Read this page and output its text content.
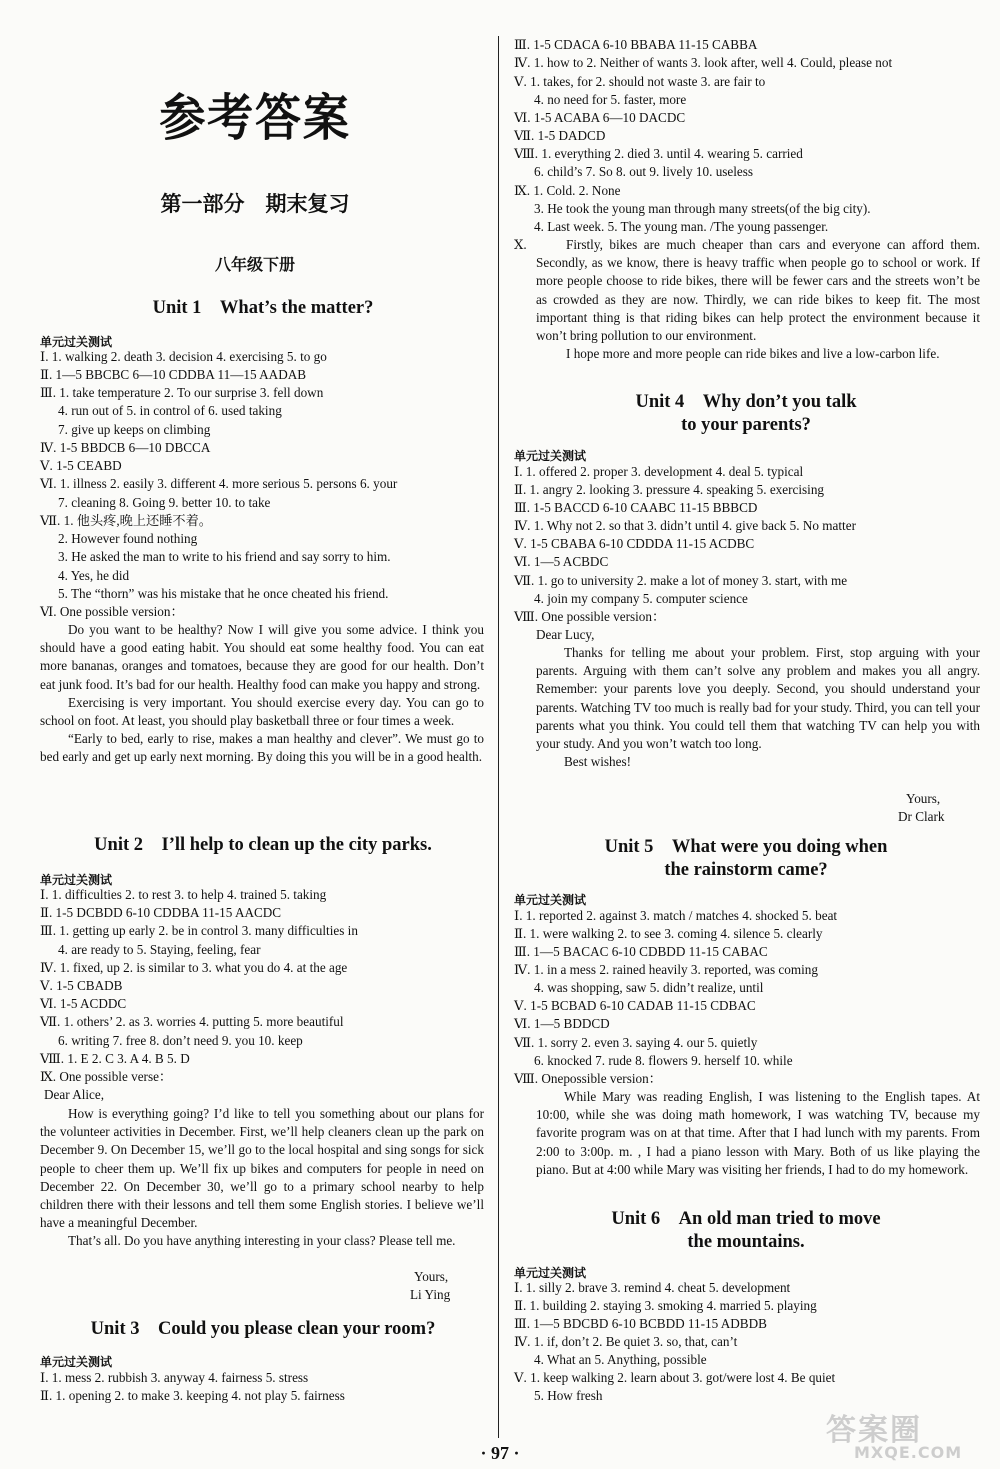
参考答案
第一部分　期末复习
八年级下册
Unit 1　What’s the matter?
单元过关测试
Ⅰ. 1. walking 2. death 3. decision 4. exercising 5. to go
Ⅱ. 1—5 BBCBC 6—10 CDDBA 11—15 AADAB
Ⅲ. 1. take temperature 2. To our surprise 3. fell down
4. run out of 5. in control of 6. used taking
7. give up keeps on climbing
Ⅳ. 1-5 BBDCB 6—10 DBCCA
Ⅴ. 1-5 CEABD
Ⅵ. 1. illness 2. easily 3. different 4. more serious 5. persons 6. your
7. cleaning 8. Going 9. better 10. to take
Ⅶ. 1. 他头疼,晚上还睡不着。
2. However found nothing
3. He asked the man to write to his friend and say sorry to him.
4. Yes, he did
5. The “thorn” was his mistake that he once cheated his friend.
Ⅵ. One possible version：
Do you want to be healthy? Now I will give you some advice. I think you should have a good eating habit. You should eat some healthy food. You can eat more bananas, oranges and tomatoes, because they are good for our health. Don’t eat junk food. It’s bad for our health. Healthy food can make you happy and strong.
Exercising is very important. You should exercise every day. You can go to school on foot. At least, you should play basketball three or four times a week.
“Early to bed, early to rise, makes a man healthy and clever”. We must go to bed early and get up early next morning. By doing this you will be in a good health.
Unit 2　I’ll help to clean up the city parks.
单元过关测试
Ⅰ. 1. difficulties 2. to rest 3. to help 4. trained 5. taking
Ⅱ. 1-5 DCBDD 6-10 CDDBA 11-15 AACDC
Ⅲ. 1. getting up early 2. be in control 3. many difficulties in
4. are ready to 5. Staying, feeling, fear
Ⅳ. 1. fixed, up 2. is similar to 3. what you do 4. at the age
Ⅴ. 1-5 CBADB
Ⅵ. 1-5 ACDDC
Ⅶ. 1. others’ 2. as 3. worries 4. putting 5. more beautiful
6. writing 7. free 8. don’t need 9. you 10. keep
Ⅷ. 1. E 2. C 3. A 4. B 5. D
Ⅸ. One possible verse：
Dear Alice,
How is everything going? I’d like to tell you something about our plans for the volunteer activities in December. First, we’ll help cleaners clean up the park on December 9. On December 15, we’ll go to the local hospital and sing songs for sick people to cheer them up. We’ll fix up bikes and computers for people in need on December 22. On December 30, we’ll go to a primary school nearby to help children there with their lessons and tell them some English stories. I believe we’ll have a meaningful December.
That’s all. Do you have anything interesting in your class? Please tell me.
Yours,
Li Ying
Unit 3　Could you please clean your room?
单元过关测试
Ⅰ. 1. mess 2. rubbish 3. anyway 4. fairness 5. stress
Ⅱ. 1. opening 2. to make 3. keeping 4. not play 5. fairness
Ⅲ. 1-5 CDACA 6-10 BBABA 11-15 CABBA
Ⅳ. 1. how to 2. Neither of wants 3. look after, well 4. Could, please not
Ⅴ. 1. takes, for 2. should not waste 3. are fair to
4. no need for 5. faster, more
Ⅵ. 1-5 ACABA 6—10 DACDC
Ⅶ. 1-5 DADCD
Ⅷ. 1. everything 2. died 3. until 4. wearing 5. carried
6. child’s 7. So 8. out 9. lively 10. useless
Ⅸ. 1. Cold. 2. None
3. He took the young man through many streets(of the big city).
4. Last week. 5. The young man. /The young passenger.
Ⅹ.	Firstly, bikes are much cheaper than cars and everyone can afford them. Secondly, as we know, there is heavy traffic when people go to school or work. If more people choose to ride bikes, there will be fewer cars and the streets won’t be as crowded as they are now. Thirdly, we can ride bikes to keep fit. The most important thing is that riding bikes can help protect the environment because it won’t bring pollution to our environment.
I hope more and more people can ride bikes and live a low-carbon life.
Unit 4　Why don’t you talk
to your parents?
单元过关测试
Ⅰ. 1. offered 2. proper 3. development 4. deal 5. typical
Ⅱ. 1. angry 2. looking 3. pressure 4. speaking 5. exercising
Ⅲ. 1-5 BACCD 6-10 CAABC 11-15 BBBCD
Ⅳ. 1. Why not 2. so that 3. didn’t until 4. give back 5. No matter
Ⅴ. 1-5 CBABA 6-10 CDDDA 11-15 ACDBC
Ⅵ. 1—5 ACBDC
Ⅶ. 1. go to university 2. make a lot of money 3. start, with me
4. join my company 5. computer science
Ⅷ. One possible version：
Dear Lucy,
Thanks for telling me about your problem. First, stop arguing with your parents. Arguing with them can’t solve any problem and makes you all angry. Remember: your parents love you deeply. Second, you should understand your parents. Watching TV too much is really bad for your study. Third, you can tell your parents what you think. You could tell them that watching TV can help you with your study. And you won’t watch too long.
Best wishes!
Yours,
Dr Clark
Unit 5　What were you doing when
the rainstorm came?
单元过关测试
Ⅰ. 1. reported 2. against 3. match / matches 4. shocked 5. beat
Ⅱ. 1. were walking 2. to see 3. coming 4. silence 5. clearly
Ⅲ. 1—5 BACAC 6-10 CDBDD 11-15 CABAC
Ⅳ. 1. in a mess 2. rained heavily 3. reported, was coming
4. was shopping, saw 5. didn’t realize, until
Ⅴ. 1-5 BCBAD 6-10 CADAB 11-15 CDBAC
Ⅵ. 1—5 BDDCD
Ⅶ. 1. sorry 2. even 3. saying 4. our 5. quietly
6. knocked 7. rude 8. flowers 9. herself 10. while
Ⅷ. Onepossible version：
While Mary was reading English, I was listening to the English tapes. At 10:00, while she was doing math homework, I was watching TV, because my favorite program was on at that time. After that I had lunch with my parents. From 2:00 to 3:00p. m. , I had a piano lesson with Mary. Both of us like playing the piano. But at 4:00 while Mary was visiting her friends, I had to do my homework.
Unit 6　An old man tried to move
the mountains.
单元过关测试
Ⅰ. 1. silly 2. brave 3. remind 4. cheat 5. development
Ⅱ. 1. building 2. staying 3. smoking 4. married 5. playing
Ⅲ. 1—5 BDCBD 6-10 BCBDD 11-15 ADBDB
Ⅳ. 1. if, don’t 2. Be quiet 3. so, that, can’t
4. What an 5. Anything, possible
Ⅴ. 1. keep walking 2. learn about 3. got/were lost 4. Be quiet
5. How fresh
· 97 ·
答案圈
MXQE.COM
